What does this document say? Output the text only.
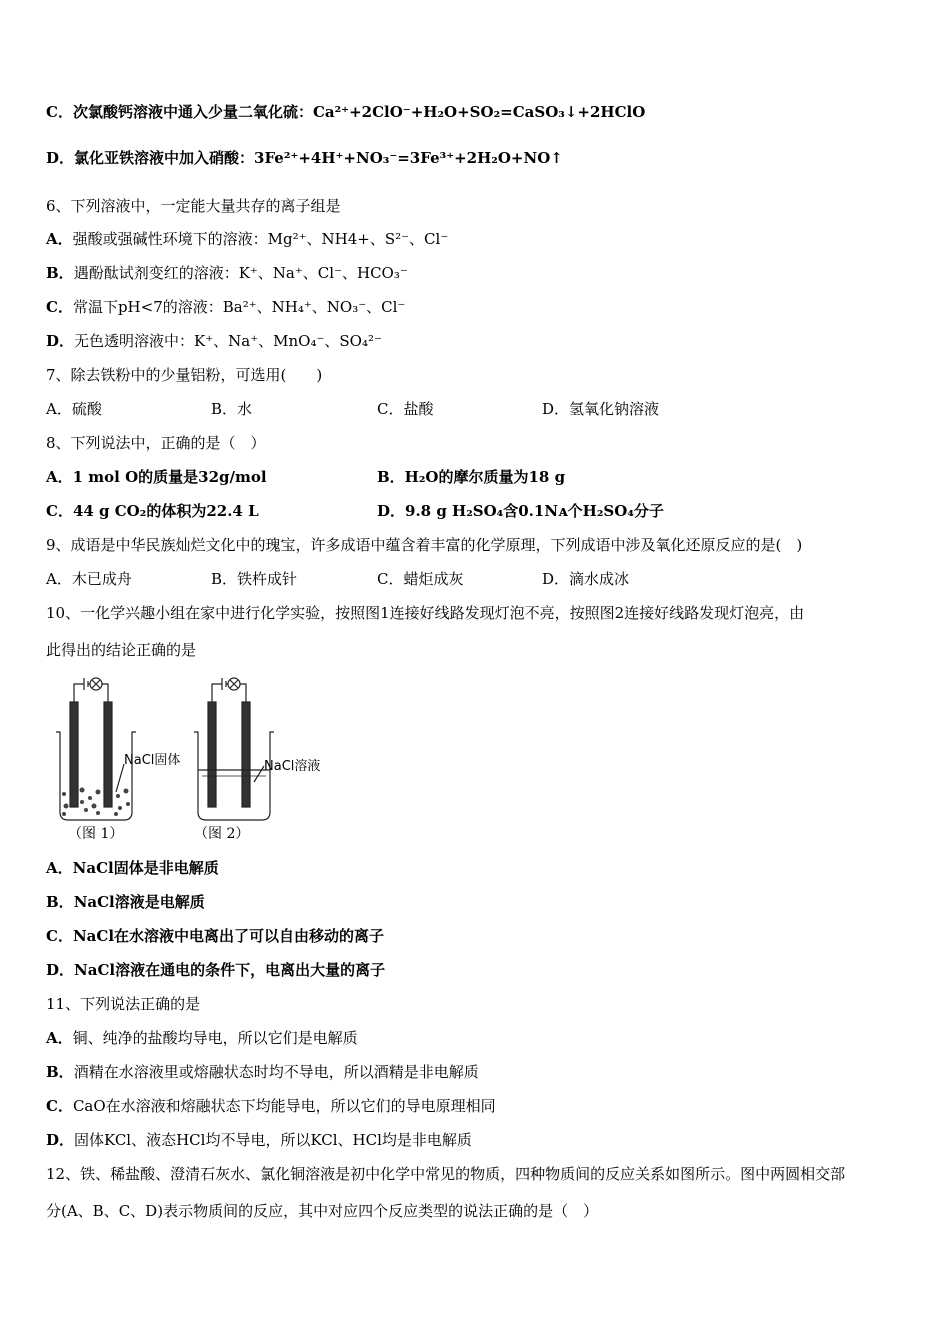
C．次氯酸钙溶液中通入少量二氧化硫：Ca²⁺+2ClO⁻+H₂O+SO₂=CaSO₃↓+2HClO
D．氯化亚铁溶液中加入硝酸：3Fe²⁺+4H⁺+NO₃⁻=3Fe³⁺+2H₂O+NO↑
6、下列溶液中，一定能大量共存的离子组是
A．强酸或强碱性环境下的溶液：Mg²⁺、NH4+、S²⁻、Cl⁻
B．遇酚酞试剂变红的溶液：K⁺、Na⁺、Cl⁻、HCO₃⁻
C．常温下pH<7的溶液：Ba²⁺、NH₄⁺、NO₃⁻、Cl⁻
D．无色透明溶液中：K⁺、Na⁺、MnO₄⁻、SO₄²⁻
7、除去铁粉中的少量铝粉，可选用(　　)
A．硫酸	B．水	C．盐酸	D．氢氧化钠溶液
8、下列说法中，正确的是（　）
A．1 mol O的质量是32g/mol	B．H₂O的摩尔质量为18 g
C．44 g CO₂的体积为22.4 L	D．9.8 g H₂SO₄含0.1Nᴀ个H₂SO₄分子
9、成语是中华民族灿烂文化中的瑰宝，许多成语中蕴含着丰富的化学原理，下列成语中涉及氧化还原反应的是(　)
A．木已成舟	B．铁杵成针	C．蜡炬成灰	D．滴水成冰
10、一化学兴趣小组在家中进行化学实验，按照图1连接好线路发现灯泡不亮，按照图2连接好线路发现灯泡亮，由
此得出的结论正确的是
NaCl固体
（图 1）
NaCl溶液
（图 2）
A．NaCl固体是非电解质
B．NaCl溶液是电解质
C．NaCl在水溶液中电离出了可以自由移动的离子
D．NaCl溶液在通电的条件下，电离出大量的离子
11、下列说法正确的是
A．铜、纯净的盐酸均导电，所以它们是电解质
B．酒精在水溶液里或熔融状态时均不导电，所以酒精是非电解质
C．CaO在水溶液和熔融状态下均能导电，所以它们的导电原理相同
D．固体KCl、液态HCl均不导电，所以KCl、HCl均是非电解质
12、铁、稀盐酸、澄清石灰水、氯化铜溶液是初中化学中常见的物质，四种物质间的反应关系如图所示。图中两圆相交部
分(A、B、C、D)表示物质间的反应，其中对应四个反应类型的说法正确的是（　）
